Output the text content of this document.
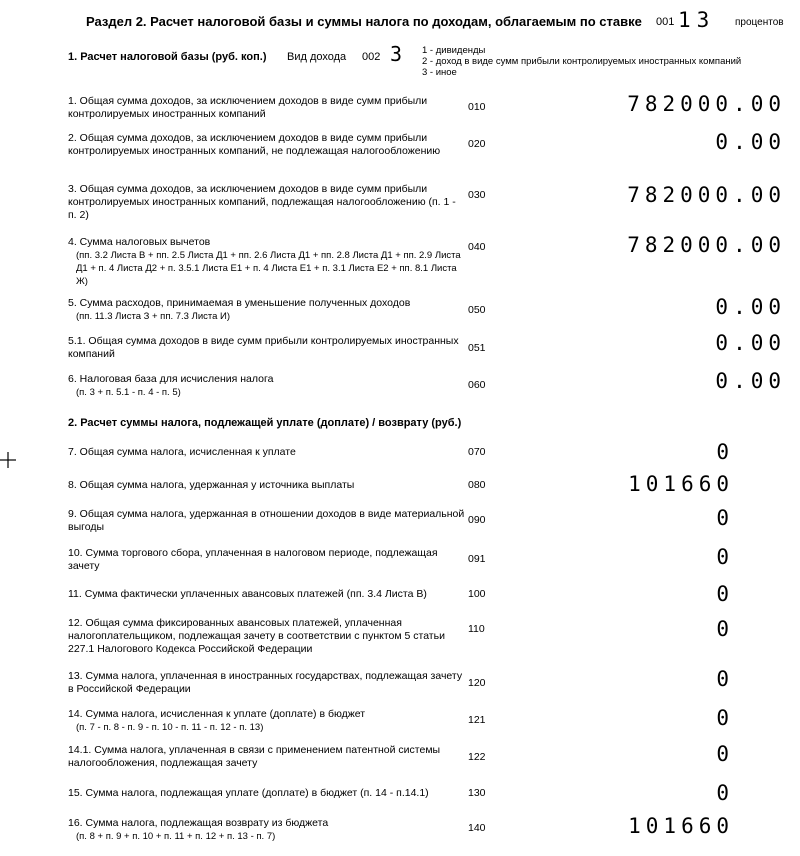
Раздел 2. Расчет налоговой базы и суммы налога по доходам, облагаемым по ставке 001 13 процентов
1. Расчет налоговой базы (руб. коп.) Вид дохода 002 3 1 - дивиденды
2 - доход в виде сумм прибыли контролируемых иностранных компаний
3 - иное
2. Расчет суммы налога, подлежащей уплате (доплате) / возврату (руб.)
1. Общая сумма доходов, за исключением доходов в виде сумм прибыли контролируемых иностранных компаний
010	782000.00
2. Общая сумма доходов, за исключением доходов в виде сумм прибыли контролируемых иностранных компаний, не подлежащая налогообложению
020	0.00
3. Общая сумма доходов, за исключением доходов в виде сумм прибыли контролируемых иностранных компаний, подлежащая налогообложению (п. 1 - п. 2)
030	782000.00
4. Сумма налоговых вычетов
(пп. 3.2 Листа В + пп. 2.5 Листа Д1 + пп. 2.6 Листа Д1 + пп. 2.8 Листа Д1 + пп. 2.9 Листа Д1 + п. 4 Листа Д2 + п. 3.5.1 Листа Е1 + п. 4 Листа Е1 + п. 3.1 Листа Е2 + пп. 8.1 Листа Ж)
040	782000.00
5. Сумма расходов, принимаемая в уменьшение полученных доходов
(пп. 11.3 Листа З + пп. 7.3 Листа И)
050	0.00
5.1. Общая сумма доходов в виде сумм прибыли контролируемых иностранных компаний	051	0.00
6. Налоговая база для исчисления налога
(п. 3 + п. 5.1 - п. 4 - п. 5)
060	0.00
7. Общая сумма налога, исчисленная к уплате	070	0
8. Общая сумма налога, удержанная у источника выплаты	080	101660
9. Общая сумма налога, удержанная в отношении доходов в виде материальной выгоды
090	0
10. Сумма торгового сбора, уплаченная в налоговом периоде, подлежащая зачету
091	0
11. Сумма фактически уплаченных авансовых платежей (пп. 3.4 Листа В)	100	0
12. Общая сумма фиксированных авансовых платежей, уплаченная налогоплательщиком, подлежащая зачету в соответствии с пунктом 5 статьи 227.1 Налогового Кодекса Российской Федерации
110	0
13. Сумма налога, уплаченная в иностранных государствах, подлежащая зачету в Российской Федерации	120	0
14. Сумма налога, исчисленная к уплате (доплате) в бюджет
(п. 7 - п. 8 - п. 9 - п. 10 - п. 11 - п. 12 - п. 13)
121	0
14.1. Сумма налога, уплаченная в связи с применением патентной системы налогообложения, подлежащая зачету	122	0
15. Сумма налога, подлежащая уплате (доплате) в бюджет (п. 14 - п.14.1)	130	0
16. Сумма налога, подлежащая возврату из бюджета
(п. 8 + п. 9 + п. 10 + п. 11 + п. 12 + п. 13 - п. 7)
140	101660
